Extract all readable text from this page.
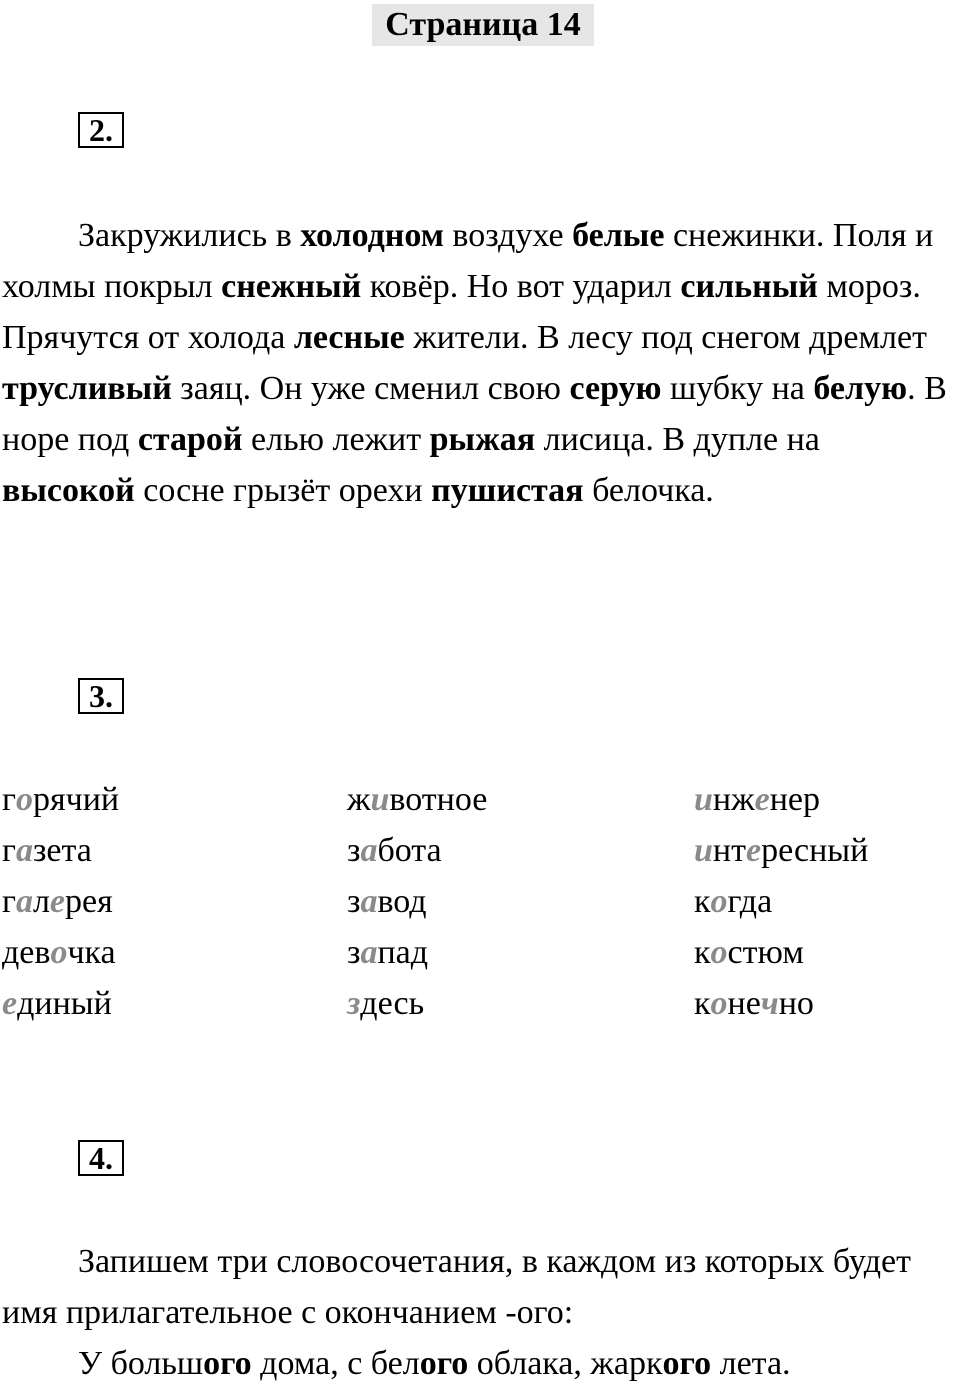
Страница 14
2.

Закружились в холодном воздухе белые снежинки. Поля и холмы покрыл снежный ковёр. Но вот ударил сильный мороз. Прячутся от холода лесные жители. В лесу под снегом дремлет трусливый заяц. Он уже сменил свою серую шубку на белую. В норе под старой елью лежит рыжая лисица. В дупле на высокой сосне грызёт орехи пушистая белочка.

3.
горячий
газета
галерея
девочка
единый
животное
забота
завод
запад
здесь
инженер
интересный
когда
костюм
конечно
4.

Запишем три словосочетания, в каждом из которых будет имя прилагательное с окончанием -ого:

У большого дома, с белого облака, жаркого лета.
